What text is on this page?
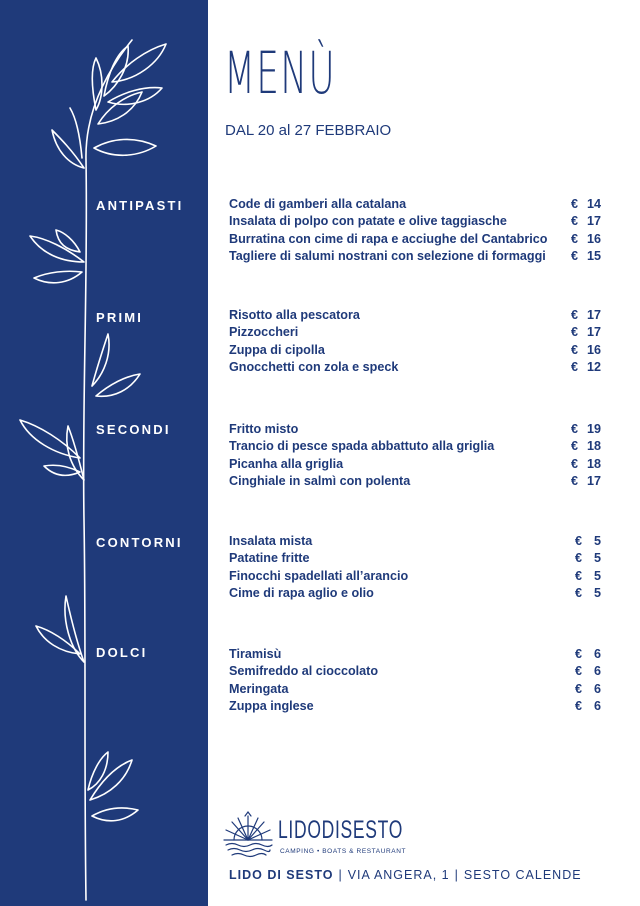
MENÙ
DAL 20 al 27 FEBBRAIO
ANTIPASTI	Code di gamberi alla catalana	€ 14
Insalata di polpo con patate e olive taggiasche	€ 17
Burratina con cime di rapa e acciughe del Cantabrico € 16
Tagliere di salumi nostrani con selezione di formaggi € 15
PRIMI	Risotto alla pescatora	€ 17
Pizzoccheri	€ 17
Zuppa di cipolla	€ 16
Gnocchetti con zola e speck	€ 12
SECONDI	Fritto misto	€ 19
Trancio di pesce spada abbattuto alla griglia	€ 18
Picanha alla griglia	€ 18
Cinghiale in salmì con polenta	€ 17
CONTORNI	Insalata mista	€ 5
Patatine fritte	€ 5
Finocchi spadellati all’arancio	€ 5
Cime di rapa aglio e olio	€ 5
DOLCI	Tiramisù	€ 6
Semifreddo al cioccolato	€ 6
Meringata	€ 6
Zuppa inglese	€ 6
LIDODISESTO
CAMPING • BOATS & RESTAURANT
LIDO DI SESTO | VIA ANGERA, 1 | SESTO CALENDE
